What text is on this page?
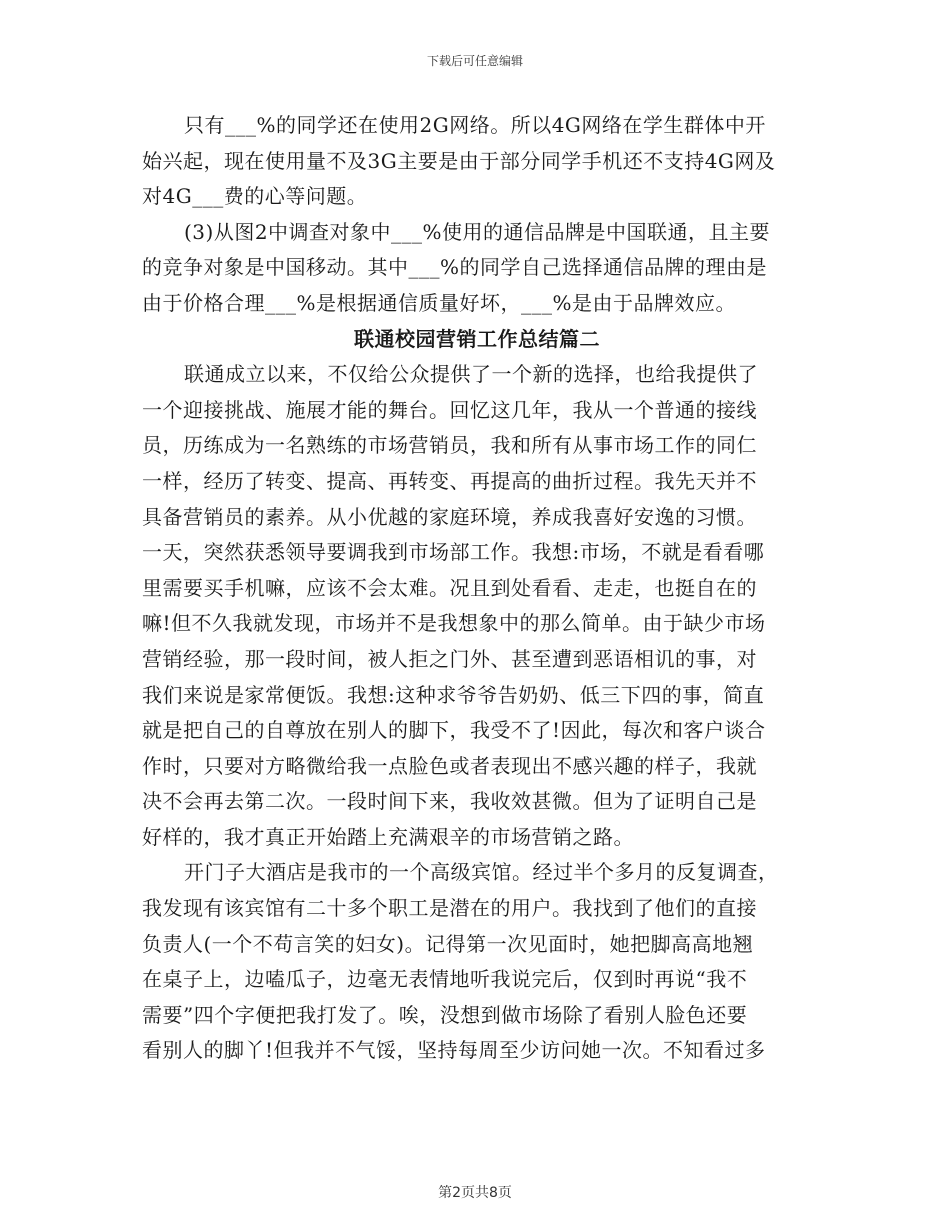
下载后可任意编辑
只有___%的同学还在使用2G网络。所以4G网络在学生群体中开
始兴起，现在使用量不及3G主要是由于部分同学手机还不支持4G网及
对4G___费的心等问题。
(3)从图2中调查对象中___%使用的通信品牌是中国联通，且主要
的竞争对象是中国移动。其中___%的同学自己选择通信品牌的理由是
由于价格合理___%是根据通信质量好坏，___%是由于品牌效应。
联通校园营销工作总结篇二
联通成立以来，不仅给公众提供了一个新的选择，也给我提供了
一个迎接挑战、施展才能的舞台。回忆这几年，我从一个普通的接线
员，历练成为一名熟练的市场营销员，我和所有从事市场工作的同仁
一样，经历了转变、提高、再转变、再提高的曲折过程。我先天并不
具备营销员的素养。从小优越的家庭环境，养成我喜好安逸的习惯。
一天，突然获悉领导要调我到市场部工作。我想:市场，不就是看看哪
里需要买手机嘛，应该不会太难。况且到处看看、走走，也挺自在的
嘛!但不久我就发现，市场并不是我想象中的那么简单。由于缺少市场
营销经验，那一段时间，被人拒之门外、甚至遭到恶语相讥的事，对
我们来说是家常便饭。我想:这种求爷爷告奶奶、低三下四的事，简直
就是把自己的自尊放在别人的脚下，我受不了!因此，每次和客户谈合
作时，只要对方略微给我一点脸色或者表现出不感兴趣的样子，我就
决不会再去第二次。一段时间下来，我收效甚微。但为了证明自己是
好样的，我才真正开始踏上充满艰辛的市场营销之路。
开门子大酒店是我市的一个高级宾馆。经过半个多月的反复调查，
我发现有该宾馆有二十多个职工是潜在的用户。我找到了他们的直接
负责人(一个不苟言笑的妇女)。记得第一次见面时，她把脚高高地翘
在桌子上，边嗑瓜子，边毫无表情地听我说完后，仅到时再说“我不
需要”四个字便把我打发了。唉，没想到做市场除了看别人脸色还要
看别人的脚丫!但我并不气馁，坚持每周至少访问她一次。不知看过多
第2页共8页
